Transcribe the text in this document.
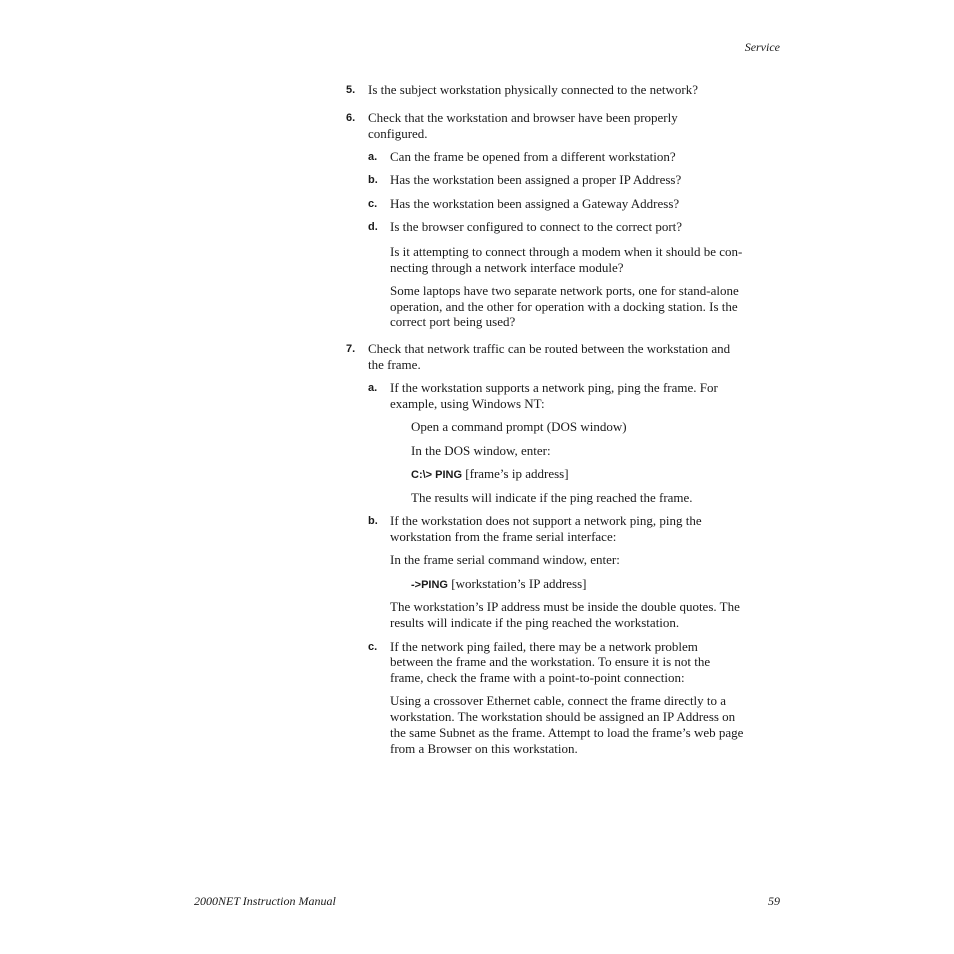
Service
5. Is the subject workstation physically connected to the network?
6. Check that the workstation and browser have been properly
configured.
a. Can the frame be opened from a different workstation?
b. Has the workstation been assigned a proper IP Address?
c. Has the workstation been assigned a Gateway Address?
d. Is the browser configured to connect to the correct port?
Is it attempting to connect through a modem when it should be con-
necting through a network interface module?
Some laptops have two separate network ports, one for stand-alone
operation, and the other for operation with a docking station. Is the
correct port being used?
7. Check that network traffic can be routed between the workstation and
the frame.
a. If the workstation supports a network ping, ping the frame. For
example, using Windows NT:
Open a command prompt (DOS window)
In the DOS window, enter:
C:\> PING [frame’s ip address]
The results will indicate if the ping reached the frame.
b. If the workstation does not support a network ping, ping the
workstation from the frame serial interface:
In the frame serial command window, enter:
->PING [workstation’s IP address]
The workstation’s IP address must be inside the double quotes. The
results will indicate if the ping reached the workstation.
c. If the network ping failed, there may be a network problem
between the frame and the workstation. To ensure it is not the
frame, check the frame with a point-to-point connection:
Using a crossover Ethernet cable, connect the frame directly to a
workstation. The workstation should be assigned an IP Address on
the same Subnet as the frame. Attempt to load the frame’s web page
from a Browser on this workstation.
2000NET Instruction Manual	59
